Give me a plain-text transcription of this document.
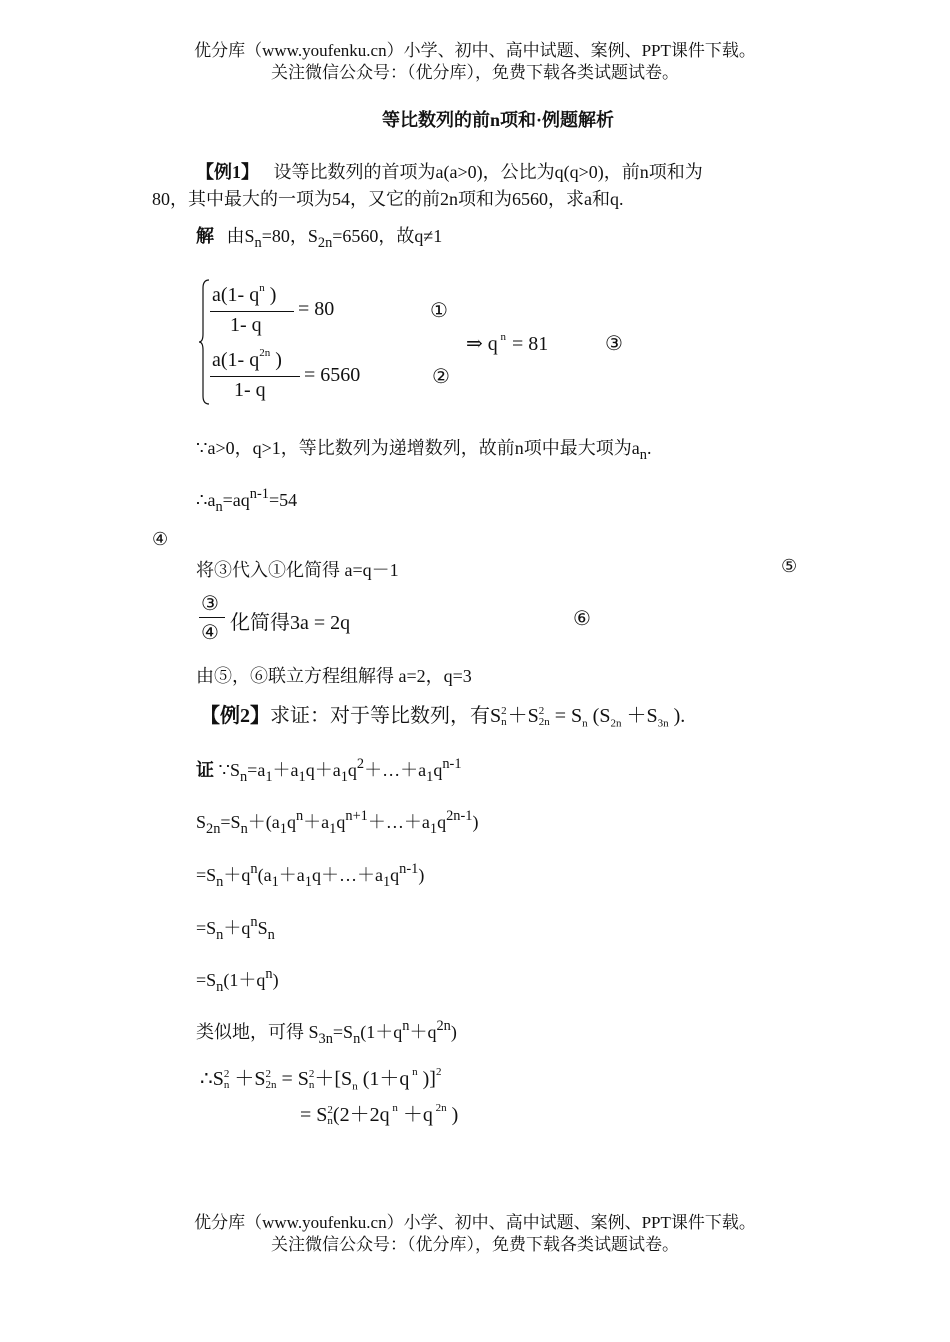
优分库（www.youfenku.cn）小学、初中、高中试题、案例、PPT课件下载。
关注微信公众号：（优分库），免费下载各类试题试卷。
等比数列的前n项和·例题解析
【例1】 设等比数列的首项为a(a>0)，公比为q(q>0)，前n项和为
80，其中最大的一项为54，又它的前2n项和为6560，求a和q.
解 由$S_n=80$，$S_{2n}=6560$，故q≠1
a(1- $q^n$ )
1- q
= 80	①
a(1- $q^{2n}$ )
1- q
= 6560	②
⇒ q $^n$ = 81	③
∵a>0，q>1，等比数列为递增数列，故前n项中最大项为$a_n$.
$\therefore a_n=aq^{n-1}=54$
④
将③代入①化简得 a=q－1	⑤
③
④ 化简得3a = 2q	⑥
由⑤，⑥联立方程组解得 a=2，q=3
【例2】求证：对于等比数列，有S 2
n ＋S 2
$2n = S_n$ ($S_{2n} +S_{3n}$ ).
证 $\because S_n=a_1+a_1q+a_1q^2+\dots+a_1q^{n-1}$
$S_{2n}=S_n+(a_1q^n+a_1q^{n+1}+\dots+a_1q^{2n-1})$
$=S_n+q^n(a_1+a_1q+\dots+a_1q^{n-1})$
$=S_n+q^nS_n$
$=S_n(1+q^n)$
类似地，可得 $S_{3n}=S_n(1+q^n+q^{2n})$
∴S 2
n ＋S 2
2n = S 2
$n +[S_n$ (1＋q $^n$ )]$^2$
= S 2
n (2＋2q $^n$ ＋q $^{2n}$ )
优分库（www.youfenku.cn）小学、初中、高中试题、案例、PPT课件下载。
关注微信公众号：（优分库），免费下载各类试题试卷。
